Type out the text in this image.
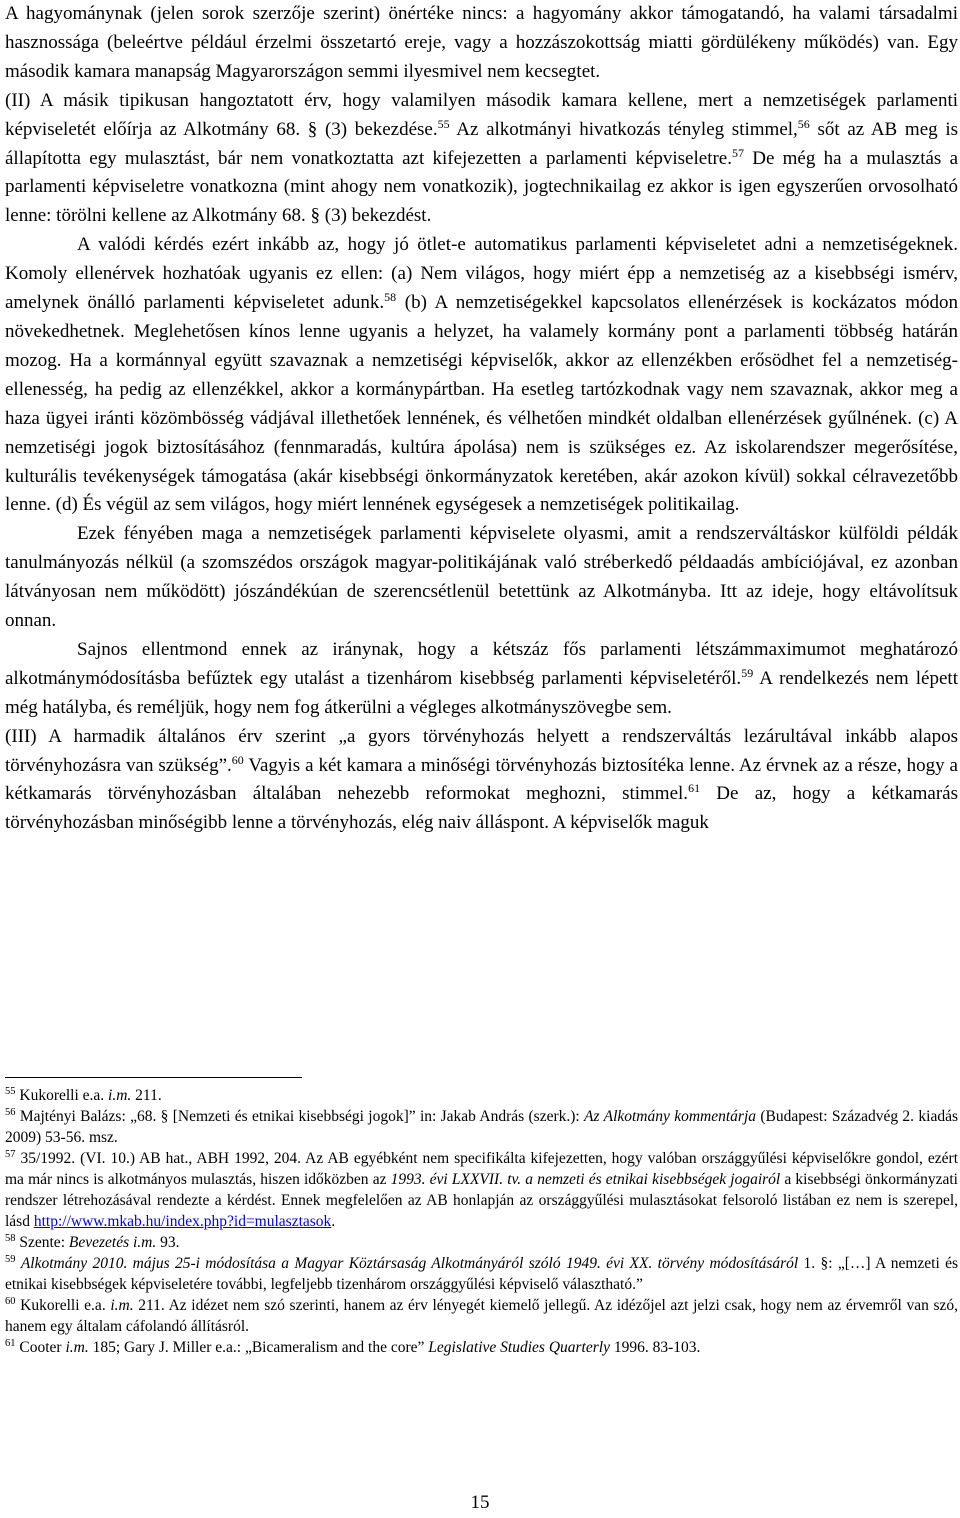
A hagyománynak (jelen sorok szerzője szerint) önértéke nincs: a hagyomány akkor támogatandó, ha valami társadalmi hasznossága (beleértve például érzelmi összetartó ereje, vagy a hozzászokottság miatti gördülékeny működés) van. Egy második kamara manapság Magyarországon semmi ilyesmivel nem kecsegtet.

(II) A másik tipikusan hangoztatott érv, hogy valamilyen második kamara kellene, mert a nemzetiségek parlamenti képviseletét előírja az Alkotmány 68. § (3) bekezdése.$^{55}$ Az alkotmányi hivatkozás tényleg stimmel,$^{56}$ sőt az AB meg is állapította egy mulasztást, bár nem vonatkoztatta azt kifejezetten a parlamenti képviseletre.$^{57}$ De még ha a mulasztás a parlamenti képviseletre vonatkozna (mint ahogy nem vonatkozik), jogtechnikailag ez akkor is igen egyszerűen orvosolható lenne: törölni kellene az Alkotmány 68. § (3) bekezdést.

A valódi kérdés ezért inkább az, hogy jó ötlet-e automatikus parlamenti képviseletet adni a nemzetiségeknek. Komoly ellenérvek hozhatóak ugyanis ez ellen: (a) Nem világos, hogy miért épp a nemzetiség az a kisebbségi ismérv, amelynek önálló parlamenti képviseletet adunk.$^{58}$ (b) A nemzetiségekkel kapcsolatos ellenérzések is kockázatos módon növekedhetnek. Meglehetősen kínos lenne ugyanis a helyzet, ha valamely kormány pont a parlamenti többség határán mozog. Ha a kormánnyal együtt szavaznak a nemzetiségi képviselők, akkor az ellenzékben erősödhet fel a nemzetiség-ellenesség, ha pedig az ellenzékkel, akkor a kormánypártban. Ha esetleg tartózkodnak vagy nem szavaznak, akkor meg a haza ügyei iránti közömbösség vádjával illethetőek lennének, és vélhetően mindkét oldalban ellenérzések gyűlnének. (c) A nemzetiségi jogok biztosításához (fennmaradás, kultúra ápolása) nem is szükséges ez. Az iskolarendszer megerősítése, kulturális tevékenységek támogatása (akár kisebbségi önkormányzatok keretében, akár azokon kívül) sokkal célravezetőbb lenne. (d) És végül az sem világos, hogy miért lennének egységesek a nemzetiségek politikailag.

Ezek fényében maga a nemzetiségek parlamenti képviselete olyasmi, amit a rendszerváltáskor külföldi példák tanulmányozás nélkül (a szomszédos országok magyar-politikájának való stréberkedő példaadás ambíciójával, ez azonban látványosan nem működött) jószándékúan de szerencsétlenül betettünk az Alkotmányba. Itt az ideje, hogy eltávolítsuk onnan.

Sajnos ellentmond ennek az iránynak, hogy a kétszáz fős parlamenti létszámmaximumot meghatározó alkotmánymódosításba befűztek egy utalást a tizenhárom kisebbség parlamenti képviseletéről.$^{59}$ A rendelkezés nem lépett még hatályba, és reméljük, hogy nem fog átkerülni a végleges alkotmányszövegbe sem.

(III) A harmadik általános érv szerint „a gyors törvényhozás helyett a rendszerváltás lezárultával inkább alapos törvényhozásra van szükség”.$^{60}$ Vagyis a két kamara a minőségi törvényhozás biztosítéka lenne. Az érvnek az a része, hogy a kétkamarás törvényhozásban általában nehezebb reformokat meghozni, stimmel.$^{61}$ De az, hogy a kétkamarás törvényhozásban minőségibb lenne a törvényhozás, elég naiv álláspont. A képviselők maguk

$^{55}$ Kukorelli e.a. i.m. 211.

$^{56}$ Majtényi Balázs: „68. § [Nemzeti és etnikai kisebbségi jogok]” in: Jakab András (szerk.): Az Alkotmány kommentárja (Budapest: Századvég 2. kiadás 2009) 53-56. msz.

$^{57}$ 35/1992. (VI. 10.) AB hat., ABH 1992, 204. Az AB egyébként nem specifikálta kifejezetten, hogy valóban országgyűlési képviselőkre gondol, ezért ma már nincs is alkotmányos mulasztás, hiszen időközben az 1993. évi LXXVII. tv. a nemzeti és etnikai kisebbségek jogairól a kisebbségi önkormányzati rendszer létrehozásával rendezte a kérdést. Ennek megfelelően az AB honlapján az országgyűlési mulasztásokat felsoroló listában ez nem is szerepel, lásd http://www.mkab.hu/index.php?id=mulasztasok.

$^{58}$ Szente: Bevezetés i.m. 93.

$^{59}$ Alkotmány 2010. május 25-i módosítása a Magyar Köztársaság Alkotmányáról szóló 1949. évi XX. törvény módosításáról 1. §: „[…] A nemzeti és etnikai kisebbségek képviseletére további, legfeljebb tizenhárom országgyűlési képviselő választható.”

$^{60}$ Kukorelli e.a. i.m. 211. Az idézet nem szó szerinti, hanem az érv lényegét kiemelő jellegű. Az idézőjel azt jelzi csak, hogy nem az érvemről van szó, hanem egy általam cáfolandó állításról.

$^{61}$ Cooter i.m. 185; Gary J. Miller e.a.: „Bicameralism and the core” Legislative Studies Quarterly 1996. 83-103.

15
